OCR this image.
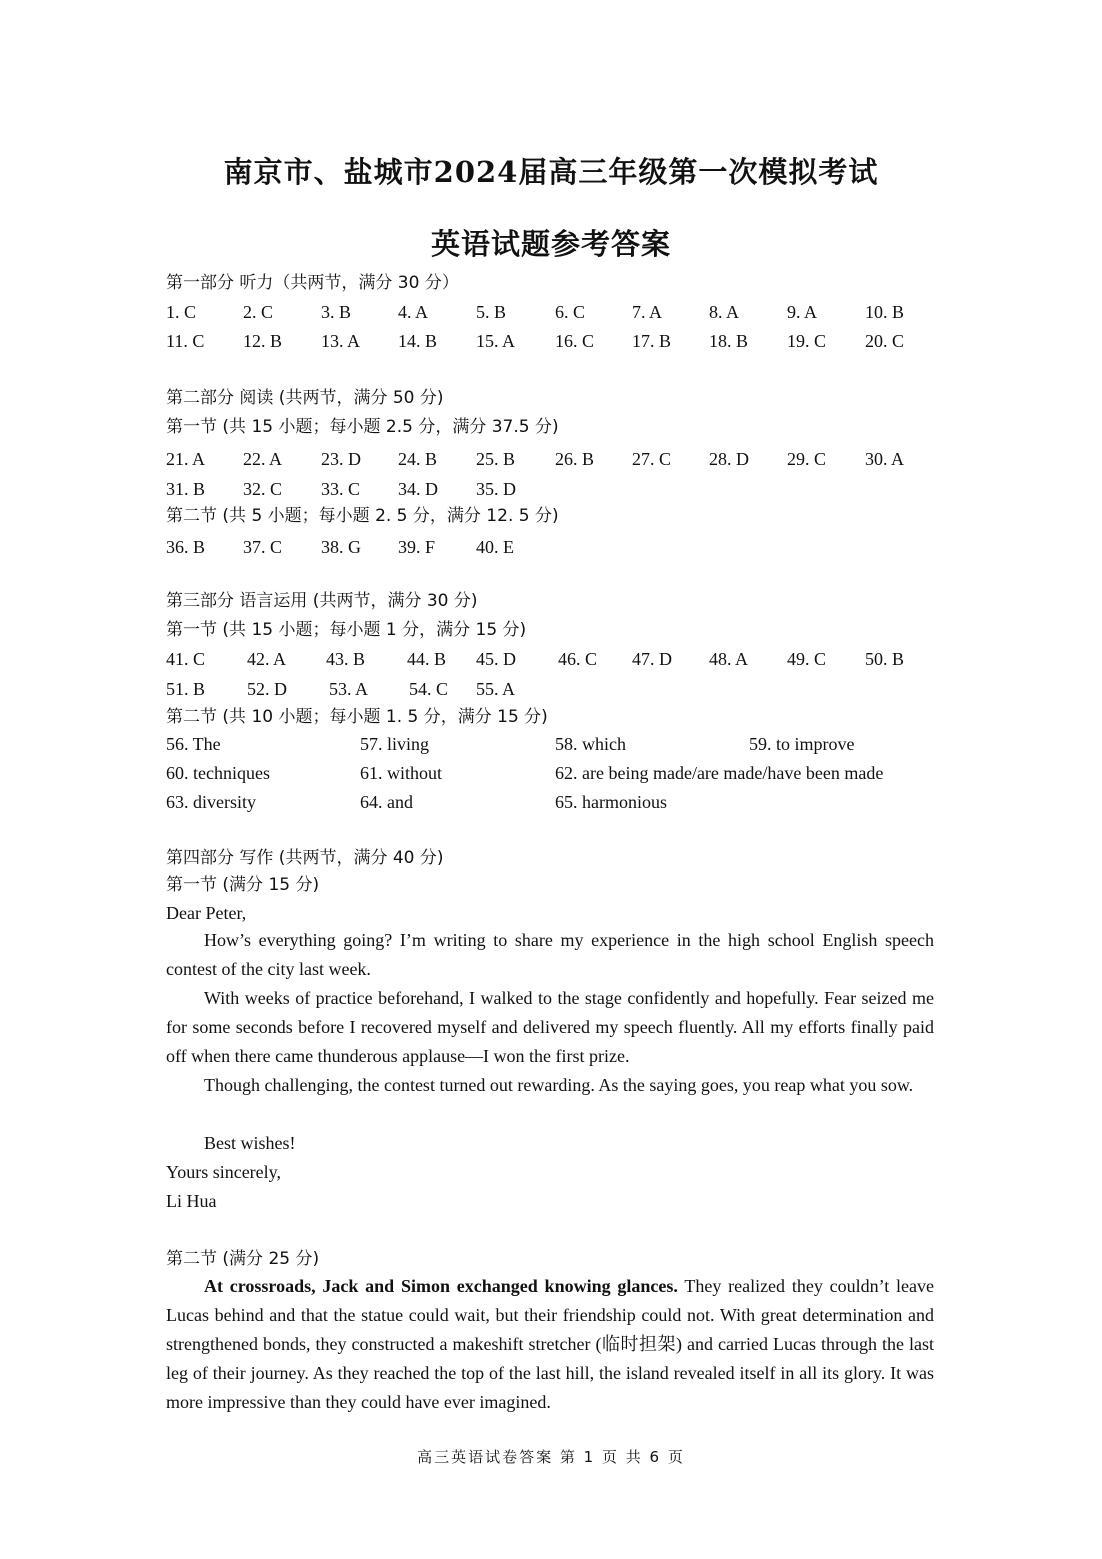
南京市、盐城市2024届高三年级第一次模拟考试
英语试题参考答案
第一部分 听力（共两节，满分 30 分）
1. C	2. C	3. B	4. A	5. B	6. C	7. A	8. A	9. A	10. B
11. C 12. B 13. A 14. B 15. A 16. C 17. B 18. B 19. C 20. C
第二部分 阅读 (共两节，满分 50 分)
第一节 (共 15 小题；每小题 2.5 分，满分 37.5 分)
21. A 22. A 23. D 24. B 25. B 26. B 27. C 28. D 29. C 30. A
31. B 32. C 33. C 34. D 35. D
第二节 (共 5 小题；每小题 2. 5 分，满分 12. 5 分)
36. B 37. C 38. G 39. F 40. E
第三部分 语言运用 (共两节，满分 30 分)
第一节 (共 15 小题；每小题 1 分，满分 15 分)
41. C 42. A 43. B 44. B 45. D 46. C 47. D 48. A 49. C 50. B
51. B 52. D 53. A 54. C 55. A
第二节 (共 10 小题；每小题 1. 5 分，满分 15 分)
56. The	57. living	58. which	59. to improve
60. techniques	61. without	62. are being made/are made/have been made
63. diversity	64. and	65. harmonious
第四部分 写作 (共两节，满分 40 分)
第一节 (满分 15 分)
Dear Peter,

How’s everything going? I’m writing to share my experience in the high school English speech contest of the city last week.

With weeks of practice beforehand, I walked to the stage confidently and hopefully. Fear seized me for some seconds before I recovered myself and delivered my speech fluently. All my efforts finally paid off when there came thunderous applause—I won the first prize.

Though challenging, the contest turned out rewarding. As the saying goes, you reap what you sow.

Best wishes!
Yours sincerely,
Li Hua
第二节 (满分 25 分)

At crossroads, Jack and Simon exchanged knowing glances. They realized they couldn’t leave Lucas behind and that the statue could wait, but their friendship could not. With great determination and strengthened bonds, they constructed a makeshift stretcher (临时担架) and carried Lucas through the last leg of their journey. As they reached the top of the last hill, the island revealed itself in all its glory. It was more impressive than they could have ever imagined.

高三英语试卷答案 第 1 页 共 6 页
